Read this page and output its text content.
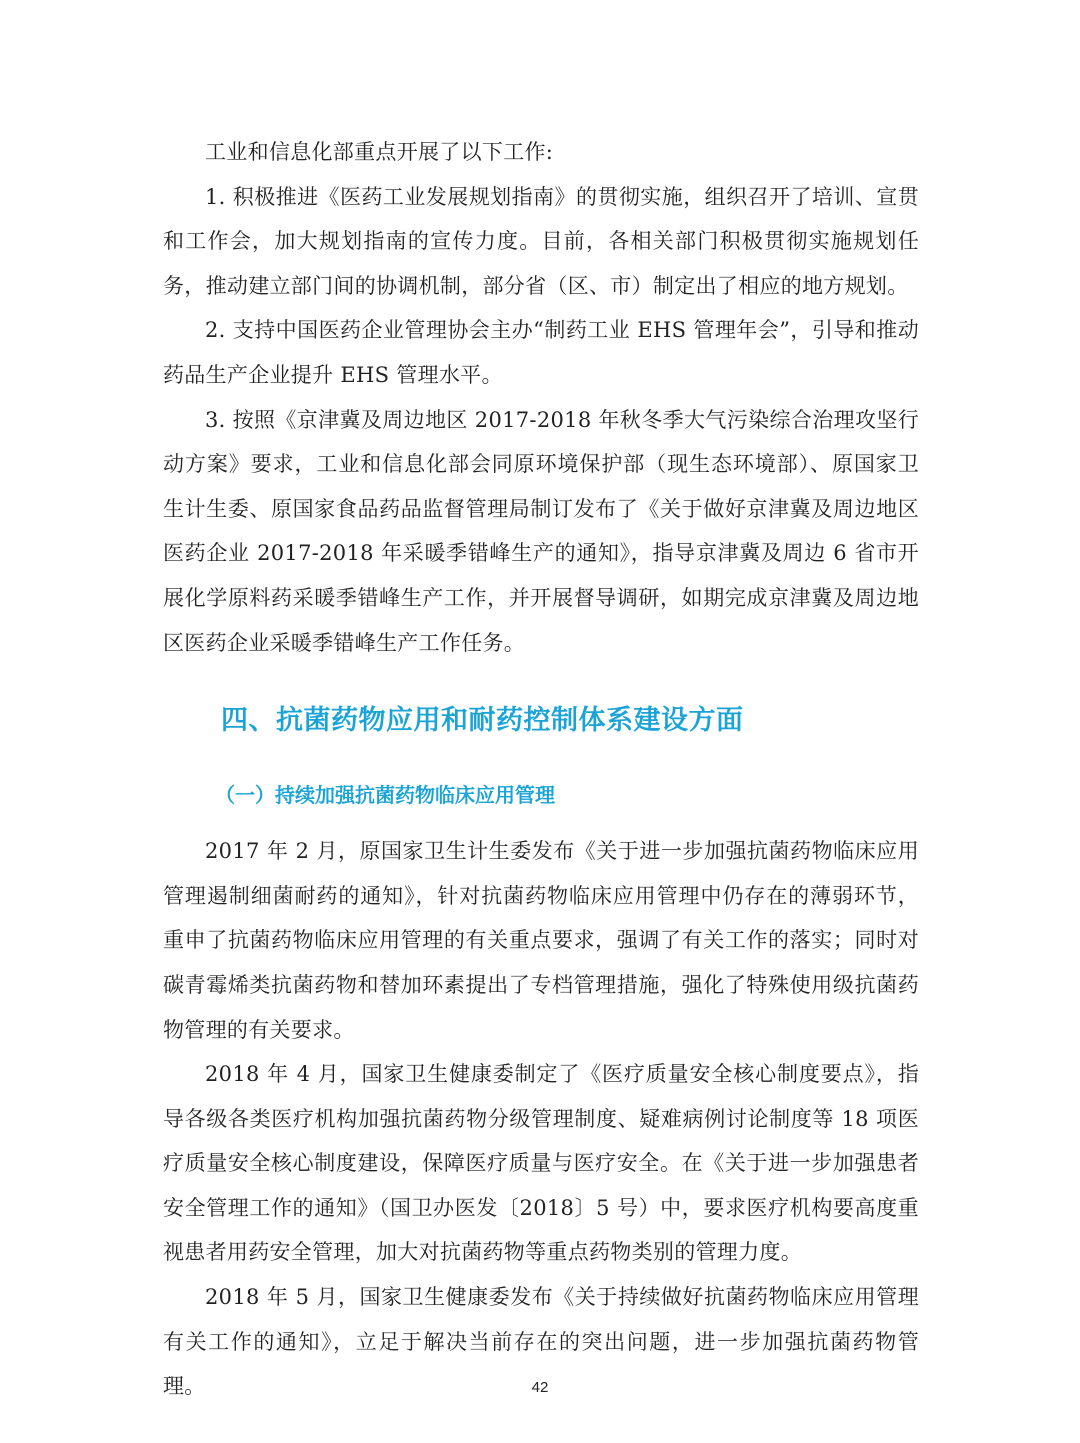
工业和信息化部重点开展了以下工作:

1. 积极推进《医药工业发展规划指南》的贯彻实施，组织召开了培训、宣贯和工作会，加大规划指南的宣传力度。目前，各相关部门积极贯彻实施规划任务，推动建立部门间的协调机制，部分省（区、市）制定出了相应的地方规划。

2. 支持中国医药企业管理协会主办“制药工业 EHS 管理年会”，引导和推动药品生产企业提升 EHS 管理水平。

3. 按照《京津冀及周边地区 2017-2018 年秋冬季大气污染综合治理攻坚行动方案》要求，工业和信息化部会同原环境保护部（现生态环境部）、原国家卫生计生委、原国家食品药品监督管理局制订发布了《关于做好京津冀及周边地区医药企业 2017-2018 年采暖季错峰生产的通知》，指导京津冀及周边 6 省市开展化学原料药采暖季错峰生产工作，并开展督导调研，如期完成京津冀及周边地区医药企业采暖季错峰生产工作任务。

四、抗菌药物应用和耐药控制体系建设方面
（一）持续加强抗菌药物临床应用管理

2017 年 2 月，原国家卫生计生委发布《关于进一步加强抗菌药物临床应用管理遏制细菌耐药的通知》，针对抗菌药物临床应用管理中仍存在的薄弱环节，重申了抗菌药物临床应用管理的有关重点要求，强调了有关工作的落实；同时对碳青霉烯类抗菌药物和替加环素提出了专档管理措施，强化了特殊使用级抗菌药物管理的有关要求。

2018 年 4 月，国家卫生健康委制定了《医疗质量安全核心制度要点》，指导各级各类医疗机构加强抗菌药物分级管理制度、疑难病例讨论制度等 18 项医疗质量安全核心制度建设，保障医疗质量与医疗安全。在《关于进一步加强患者安全管理工作的通知》（国卫办医发〔2018〕5 号）中，要求医疗机构要高度重视患者用药安全管理，加大对抗菌药物等重点药物类别的管理力度。

2018 年 5 月，国家卫生健康委发布《关于持续做好抗菌药物临床应用管理有关工作的通知》，立足于解决当前存在的突出问题，进一步加强抗菌药物管理。	42
